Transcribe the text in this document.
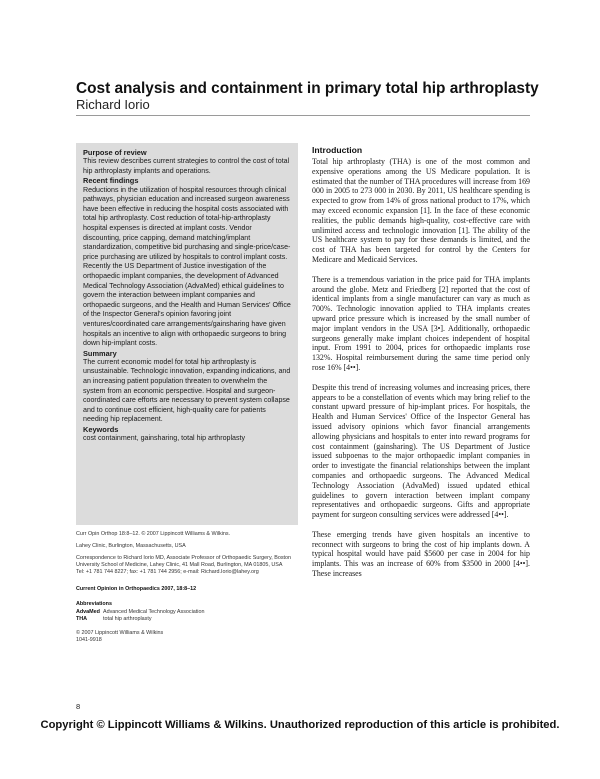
Cost analysis and containment in primary total hip arthroplasty
Richard Iorio
Purpose of review

This review describes current strategies to control the cost of total hip arthroplasty implants and operations.

Recent findings

Reductions in the utilization of hospital resources through clinical pathways, physician education and increased surgeon awareness have been effective in reducing the hospital costs associated with total hip arthroplasty. Cost reduction of total-hip-arthroplasty hospital expenses is directed at implant costs. Vendor discounting, price capping, demand matching/implant standardization, competitive bid purchasing and single-price/case-price purchasing are utilized by hospitals to control implant costs. Recently the US Department of Justice investigation of the orthopaedic implant companies, the development of Advanced Medical Technology Association (AdvaMed) ethical guidelines to govern the interaction between implant companies and orthopaedic surgeons, and the Health and Human Services' Office of the Inspector General's opinion favoring joint ventures/coordinated care arrangements/gainsharing have given hospitals an incentive to align with orthopaedic surgeons to bring down hip-implant costs.

Summary

The current economic model for total hip arthroplasty is unsustainable. Technologic innovation, expanding indications, and an increasing patient population threaten to overwhelm the system from an economic perspective. Hospital and surgeon-coordinated care efforts are necessary to prevent system collapse and to continue cost efficient, high-quality care for patients needing hip replacement.

Keywords

cost containment, gainsharing, total hip arthroplasty

Curr Opin Orthop 18:8–12. © 2007 Lippincott Williams & Wilkins.

Lahey Clinic, Burlington, Massachusetts, USA

Correspondence to Richard Iorio MD, Associate Professor of Orthopaedic Surgery, Boston University School of Medicine, Lahey Clinic, 41 Mall Road, Burlington, MA 01805, USA

Tel: +1 781 744 8227; fax: +1 781 744 2956; e-mail: Richard.Iorio@lahey.org

Current Opinion in Orthopaedics 2007, 18:8–12

Abbreviations

AdvaMed Advanced Medical Technology Association
THA	total hip arthroplasty

© 2007 Lippincott Williams & Wilkins

1041-9918

Introduction

Total hip arthroplasty (THA) is one of the most common and expensive operations among the US Medicare population. It is estimated that the number of THA procedures will increase from 169 000 in 2005 to 273 000 in 2030. By 2011, US healthcare spending is expected to grow from 14% of gross national product to 17%, which may exceed economic expansion [1]. In the face of these economic realities, the public demands high-quality, cost-effective care with unlimited access and technologic innovation [1]. The ability of the US healthcare system to pay for these demands is limited, and the cost of THA has been targeted for control by the Centers for Medicare and Medicaid Services.

There is a tremendous variation in the price paid for THA implants around the globe. Metz and Friedberg [2] reported that the cost of identical implants from a single manufacturer can vary as much as 700%. Technologic innovation applied to THA implants creates upward price pressure which is increased by the small number of major implant vendors in the USA [3•]. Additionally, orthopaedic surgeons generally make implant choices independent of hospital input. From 1991 to 2004, prices for orthopaedic implants rose 132%. Hospital reimbursement during the same time period only rose 16% [4••].

Despite this trend of increasing volumes and increasing prices, there appears to be a constellation of events which may bring relief to the constant upward pressure of hip-implant prices. For hospitals, the Health and Human Services' Office of the Inspector General has issued advisory opinions which favor financial arrangements allowing physicians and hospitals to enter into reward programs for cost containment (gainsharing). The US Department of Justice issued subpoenas to the major orthopaedic implant companies in order to investigate the financial relationships between the implant companies and orthopaedic surgeons. The Advanced Medical Technology Association (AdvaMed) issued updated ethical guidelines to govern interaction between implant company representatives and orthopaedic surgeons. Gifts and appropriate payment for surgeon consulting services were addressed [4••].

These emerging trends have given hospitals an incentive to reconnect with surgeons to bring the cost of hip implants down. A typical hospital would have paid $5600 per case in 2004 for hip implants. This was an increase of 60% from $3500 in 2000 [4••]. These increases

8
Copyright © Lippincott Williams & Wilkins. Unauthorized reproduction of this article is prohibited.
